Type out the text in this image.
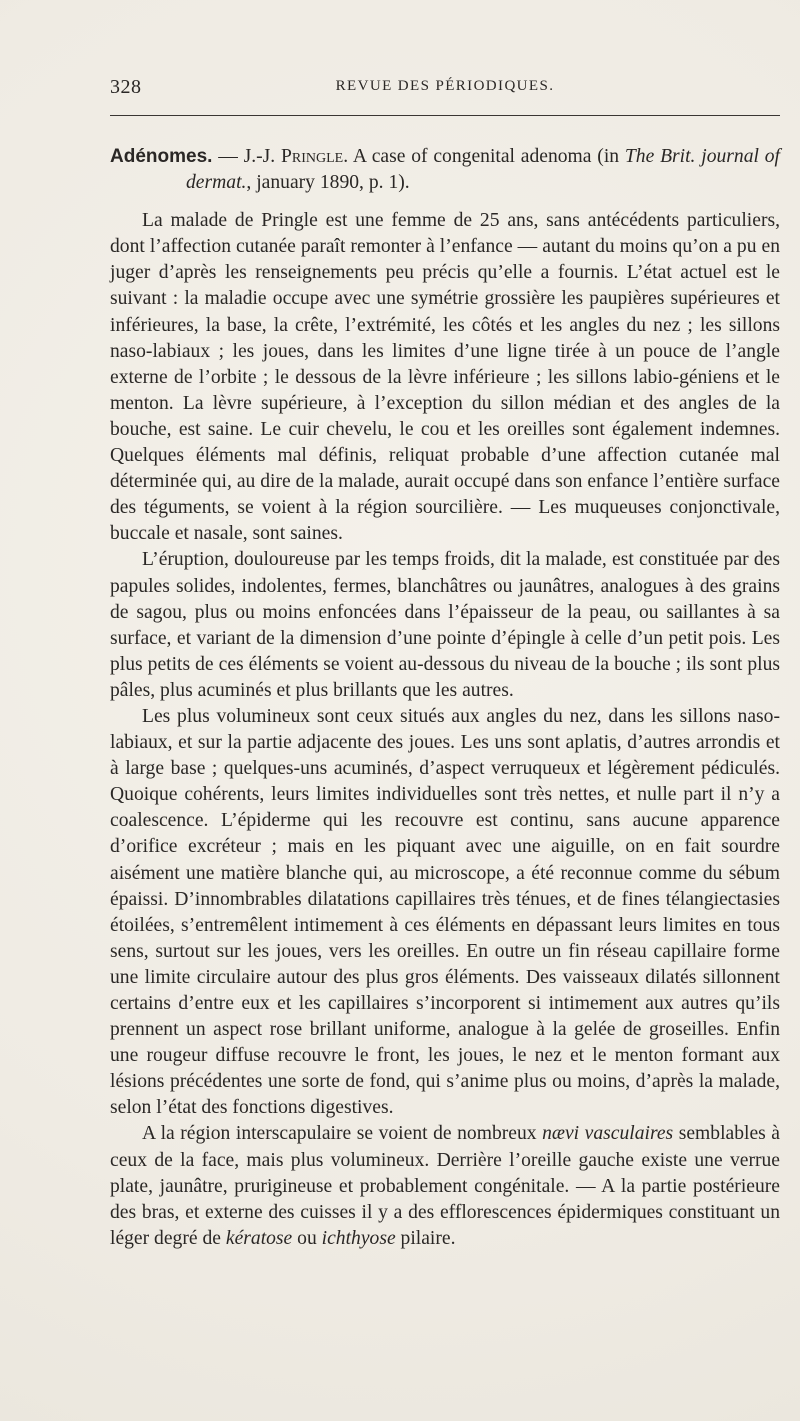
328	REVUE DES PÉRIODIQUES.
Adénomes. — J.-J. Pringle. A case of congenital adenoma (in The Brit. journal of dermat., january 1890, p. 1).

La malade de Pringle est une femme de 25 ans, sans antécédents particuliers, dont l’affection cutanée paraît remonter à l’enfance — autant du moins qu’on a pu en juger d’après les renseignements peu précis qu’elle a fournis. L’état actuel est le suivant : la maladie occupe avec une symétrie grossière les paupières supérieures et inférieures, la base, la crête, l’extrémité, les côtés et les angles du nez ; les sillons naso-labiaux ; les joues, dans les limites d’une ligne tirée à un pouce de l’angle externe de l’orbite ; le dessous de la lèvre inférieure ; les sillons labio-géniens et le menton. La lèvre supérieure, à l’exception du sillon médian et des angles de la bouche, est saine. Le cuir chevelu, le cou et les oreilles sont également indemnes. Quelques éléments mal définis, reliquat probable d’une affection cutanée mal déterminée qui, au dire de la malade, aurait occupé dans son enfance l’entière surface des téguments, se voient à la région sourcilière. — Les muqueuses conjonctivale, buccale et nasale, sont saines.

L’éruption, douloureuse par les temps froids, dit la malade, est constituée par des papules solides, indolentes, fermes, blanchâtres ou jaunâtres, analogues à des grains de sagou, plus ou moins enfoncées dans l’épaisseur de la peau, ou saillantes à sa surface, et variant de la dimension d’une pointe d’épingle à celle d’un petit pois. Les plus petits de ces éléments se voient au-dessous du niveau de la bouche ; ils sont plus pâles, plus acuminés et plus brillants que les autres.

Les plus volumineux sont ceux situés aux angles du nez, dans les sillons naso-labiaux, et sur la partie adjacente des joues. Les uns sont aplatis, d’autres arrondis et à large base ; quelques-uns acuminés, d’aspect verruqueux et légèrement pédiculés. Quoique cohérents, leurs limites individuelles sont très nettes, et nulle part il n’y a coalescence. L’épiderme qui les recouvre est continu, sans aucune apparence d’orifice excréteur ; mais en les piquant avec une aiguille, on en fait sourdre aisément une matière blanche qui, au microscope, a été reconnue comme du sébum épaissi. D’innombrables dilatations capillaires très ténues, et de fines télangiectasies étoilées, s’entremêlent intimement à ces éléments en dépassant leurs limites en tous sens, surtout sur les joues, vers les oreilles. En outre un fin réseau capillaire forme une limite circulaire autour des plus gros éléments. Des vaisseaux dilatés sillonnent certains d’entre eux et les capillaires s’incorporent si intimement aux autres qu’ils prennent un aspect rose brillant uniforme, analogue à la gelée de groseilles. Enfin une rougeur diffuse recouvre le front, les joues, le nez et le menton formant aux lésions précédentes une sorte de fond, qui s’anime plus ou moins, d’après la malade, selon l’état des fonctions digestives.

A la région interscapulaire se voient de nombreux nævi vasculaires semblables à ceux de la face, mais plus volumineux. Derrière l’oreille gauche existe une verrue plate, jaunâtre, prurigineuse et probablement congénitale. — A la partie postérieure des bras, et externe des cuisses il y a des efflorescences épidermiques constituant un léger degré de kératose ou ichthyose pilaire.
